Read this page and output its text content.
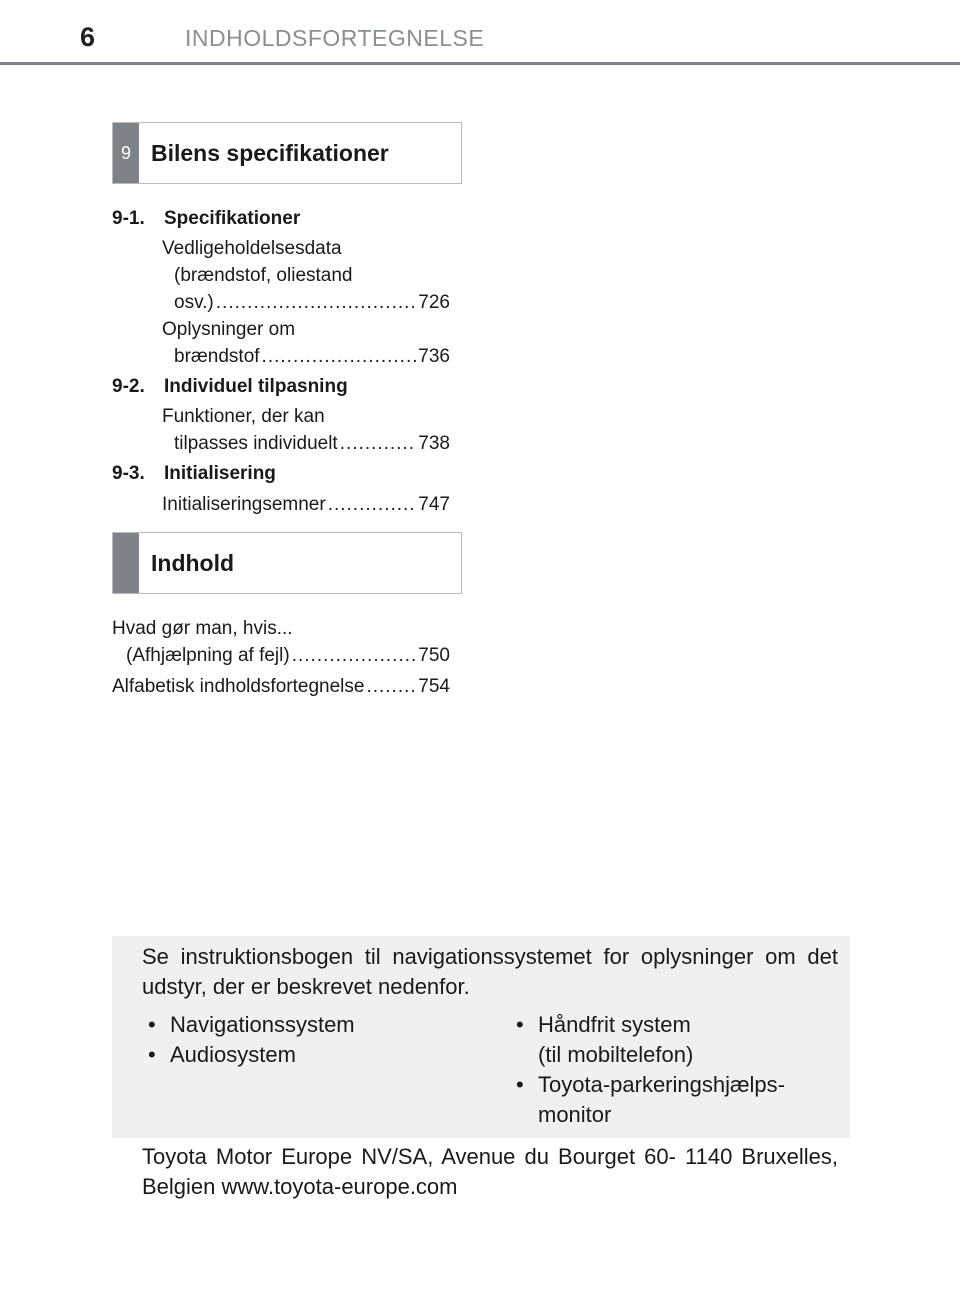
6	INDHOLDSFORTEGNELSE
9 Bilens specifikationer
9-1. Specifikationer
Vedligeholdelsesdata
(brændstof, oliestand
osv.) .....	726
Oplysninger om
brændstof .....	736
9-2. Individuel tilpasning
Funktioner, der kan
tilpasses individuelt .....	738
9-3. Initialisering
Initialiseringsemner .....	747
Indhold
Hvad gør man, hvis...
(Afhjælpning af fejl) .....	750
Alfabetisk indholdsfortegnelse .....	754
Se instruktionsbogen til navigationssystemet for oplysninger om det udstyr, der er beskrevet nedenfor.
• Navigationssystem
• Audiosystem
• Håndfrit system
(til mobiltelefon)
• Toyota-parkeringshjælps-
monitor
Toyota Motor Europe NV/SA, Avenue du Bourget 60- 1140 Bruxelles,
Belgien www.toyota-europe.com
